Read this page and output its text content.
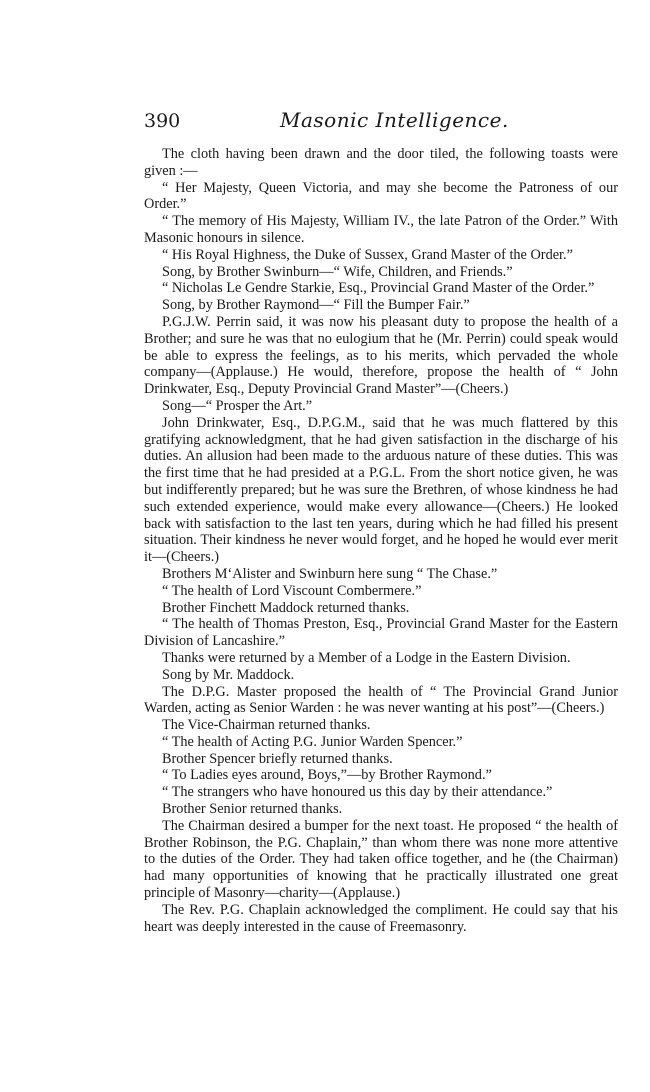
390	Masonic Intelligence.

The cloth having been drawn and the door tiled, the following toasts were given :—

“ Her Majesty, Queen Victoria, and may she become the Patroness of our Order.”

“ The memory of His Majesty, William IV., the late Patron of the Order.” With Masonic honours in silence.

“ His Royal Highness, the Duke of Sussex, Grand Master of the Order.”

Song, by Brother Swinburn—“ Wife, Children, and Friends.”

“ Nicholas Le Gendre Starkie, Esq., Provincial Grand Master of the Order.”

Song, by Brother Raymond—“ Fill the Bumper Fair.”

P.G.J.W. Perrin said, it was now his pleasant duty to propose the health of a Brother; and sure he was that no eulogium that he (Mr. Perrin) could speak would be able to express the feelings, as to his merits, which pervaded the whole company—(Applause.) He would, therefore, propose the health of “ John Drinkwater, Esq., Deputy Provincial Grand Master”—(Cheers.)

Song—“ Prosper the Art.”

John Drinkwater, Esq., D.P.G.M., said that he was much flattered by this gratifying acknowledgment, that he had given satisfaction in the discharge of his duties. An allusion had been made to the arduous nature of these duties. This was the first time that he had presided at a P.G.L. From the short notice given, he was but indifferently prepared; but he was sure the Brethren, of whose kindness he had such extended experience, would make every allowance—(Cheers.) He looked back with satisfaction to the last ten years, during which he had filled his present situation. Their kindness he never would forget, and he hoped he would ever merit it—(Cheers.)

Brothers M‘Alister and Swinburn here sung “ The Chase.”

“ The health of Lord Viscount Combermere.”

Brother Finchett Maddock returned thanks.

“ The health of Thomas Preston, Esq., Provincial Grand Master for the Eastern Division of Lancashire.”

Thanks were returned by a Member of a Lodge in the Eastern Division.

Song by Mr. Maddock.

The D.P.G. Master proposed the health of “ The Provincial Grand Junior Warden, acting as Senior Warden : he was never wanting at his post”—(Cheers.)

The Vice-Chairman returned thanks.

“ The health of Acting P.G. Junior Warden Spencer.”

Brother Spencer briefly returned thanks.

“ To Ladies eyes around, Boys,”—by Brother Raymond.”

“ The strangers who have honoured us this day by their attendance.”

Brother Senior returned thanks.

The Chairman desired a bumper for the next toast. He proposed “ the health of Brother Robinson, the P.G. Chaplain,” than whom there was none more attentive to the duties of the Order. They had taken office together, and he (the Chairman) had many opportunities of knowing that he practically illustrated one great principle of Masonry—charity—(Applause.)

The Rev. P.G. Chaplain acknowledged the compliment. He could say that his heart was deeply interested in the cause of Freemasonry.
